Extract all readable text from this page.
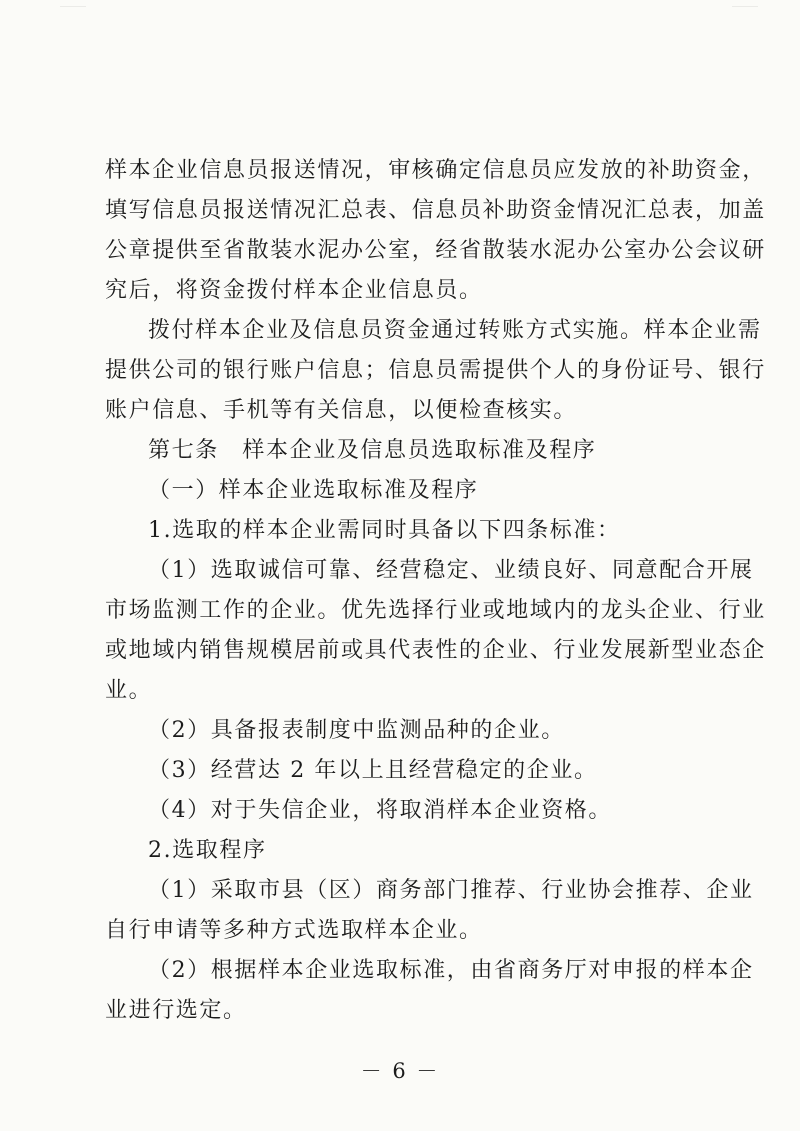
样本企业信息员报送情况，审核确定信息员应发放的补助资金，
填写信息员报送情况汇总表、信息员补助资金情况汇总表，加盖
公章提供至省散装水泥办公室，经省散装水泥办公室办公会议研
究后，将资金拨付样本企业信息员。
拨付样本企业及信息员资金通过转账方式实施。样本企业需
提供公司的银行账户信息；信息员需提供个人的身份证号、银行
账户信息、手机等有关信息，以便检查核实。
第七条　样本企业及信息员选取标准及程序
（一）样本企业选取标准及程序
1.选取的样本企业需同时具备以下四条标准：
（1）选取诚信可靠、经营稳定、业绩良好、同意配合开展
市场监测工作的企业。优先选择行业或地域内的龙头企业、行业
或地域内销售规模居前或具代表性的企业、行业发展新型业态企
业。
（2）具备报表制度中监测品种的企业。
（3）经营达 2 年以上且经营稳定的企业。
（4）对于失信企业，将取消样本企业资格。
2.选取程序
（1）采取市县（区）商务部门推荐、行业协会推荐、企业
自行申请等多种方式选取样本企业。
（2）根据样本企业选取标准，由省商务厅对申报的样本企
业进行选定。
－ 6 －
